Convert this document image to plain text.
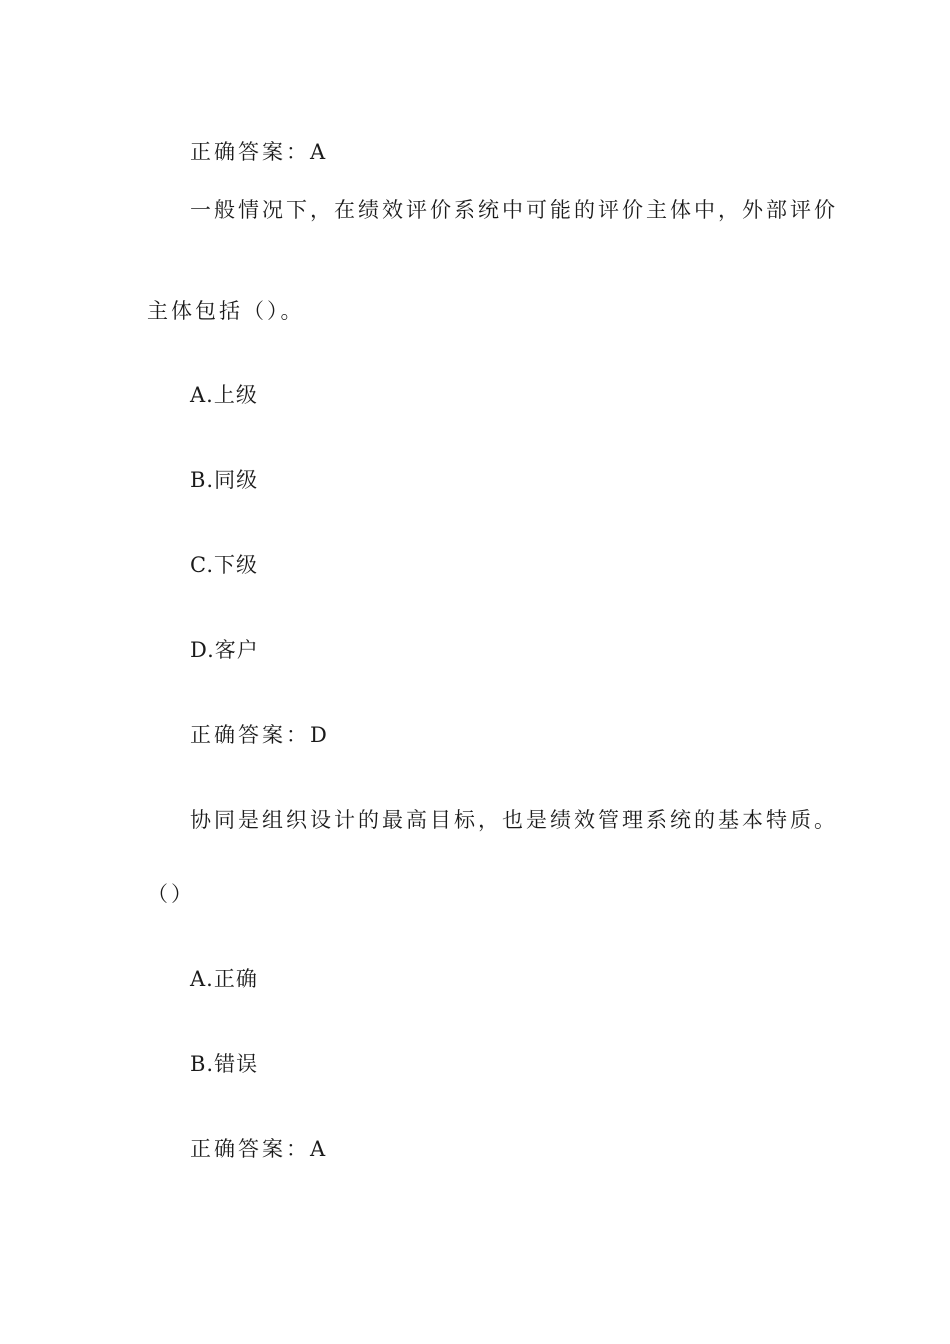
正确答案：A
一般情况下，在绩效评价系统中可能的评价主体中，外部评价
主体包括（）。
A.上级
B.同级
C.下级
D.客户
正确答案：D
协同是组织设计的最高目标，也是绩效管理系统的基本特质。
（）
A.正确
B.错误
正确答案：A
